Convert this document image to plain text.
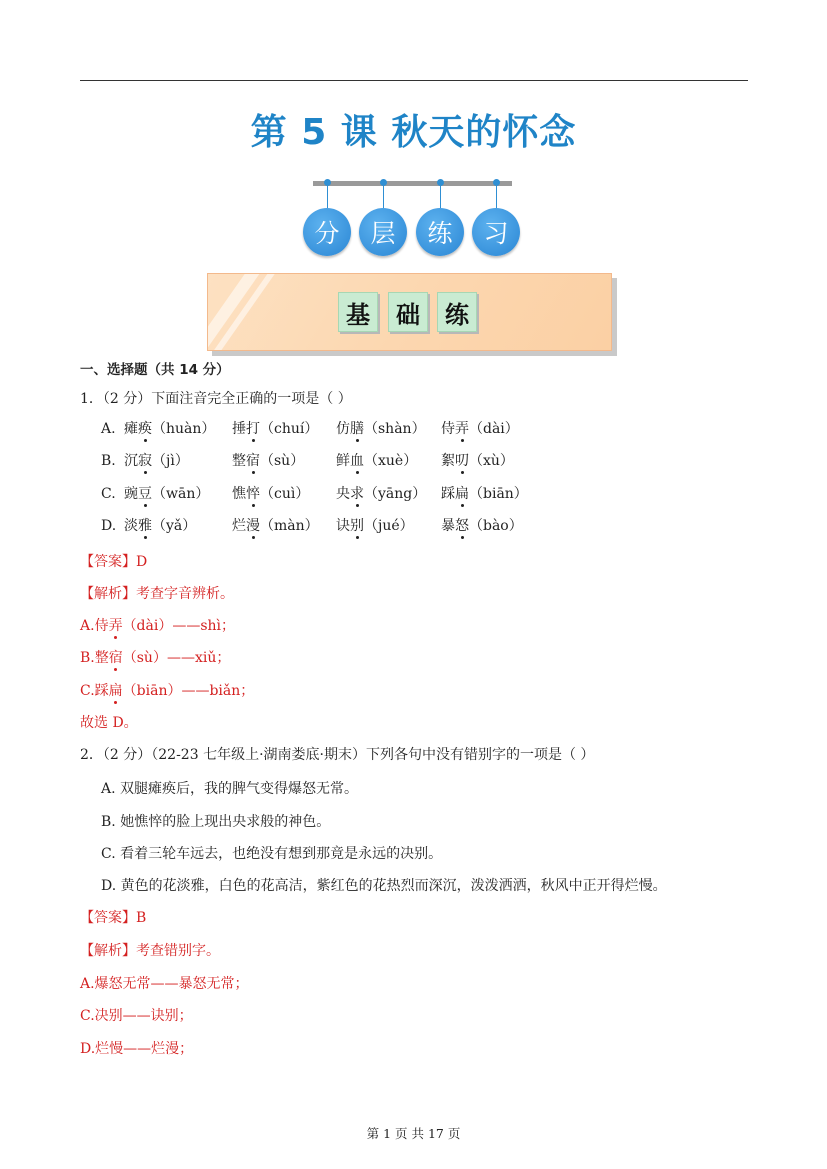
第 5 课 秋天的怀念
分	层	练	习
基	础	练
一、选择题（共 14 分）
1．（2 分）下面注音完全正确的一项是（ ）
A. 瘫痪（huàn） 捶打（chuí） 仿膳（shàn） 侍弄（dài）
B. 沉寂（jì）	整宿（sù） 鲜血（xuè） 絮叨（xù）
C. 豌豆（wān） 憔悴（cuì） 央求（yāng） 踩扁（biān）
D. 淡雅（yǎ）	烂漫（màn） 诀别（jué） 暴怒（bào）
【答案】D
【解析】考查字音辨析。
A.侍弄（dài）——shì；
B.整宿（sù）——xiǔ；
C.踩扁（biān）——biǎn；
故选 D。
2．（2 分）（22-23 七年级上·湖南娄底·期末）下列各句中没有错别字的一项是（ ）
A. 双腿瘫痪后，我的脾气变得爆怒无常。
B. 她憔悴的脸上现出央求般的神色。
C. 看着三轮车远去，也绝没有想到那竟是永远的决别。
D. 黄色的花淡雅，白色的花高洁，紫红色的花热烈而深沉，泼泼洒洒，秋风中正开得烂慢。
【答案】B
【解析】考查错别字。
A.爆怒无常——暴怒无常；
C.决别——诀别；
D.烂慢——烂漫；
第 1 页 共 17 页
